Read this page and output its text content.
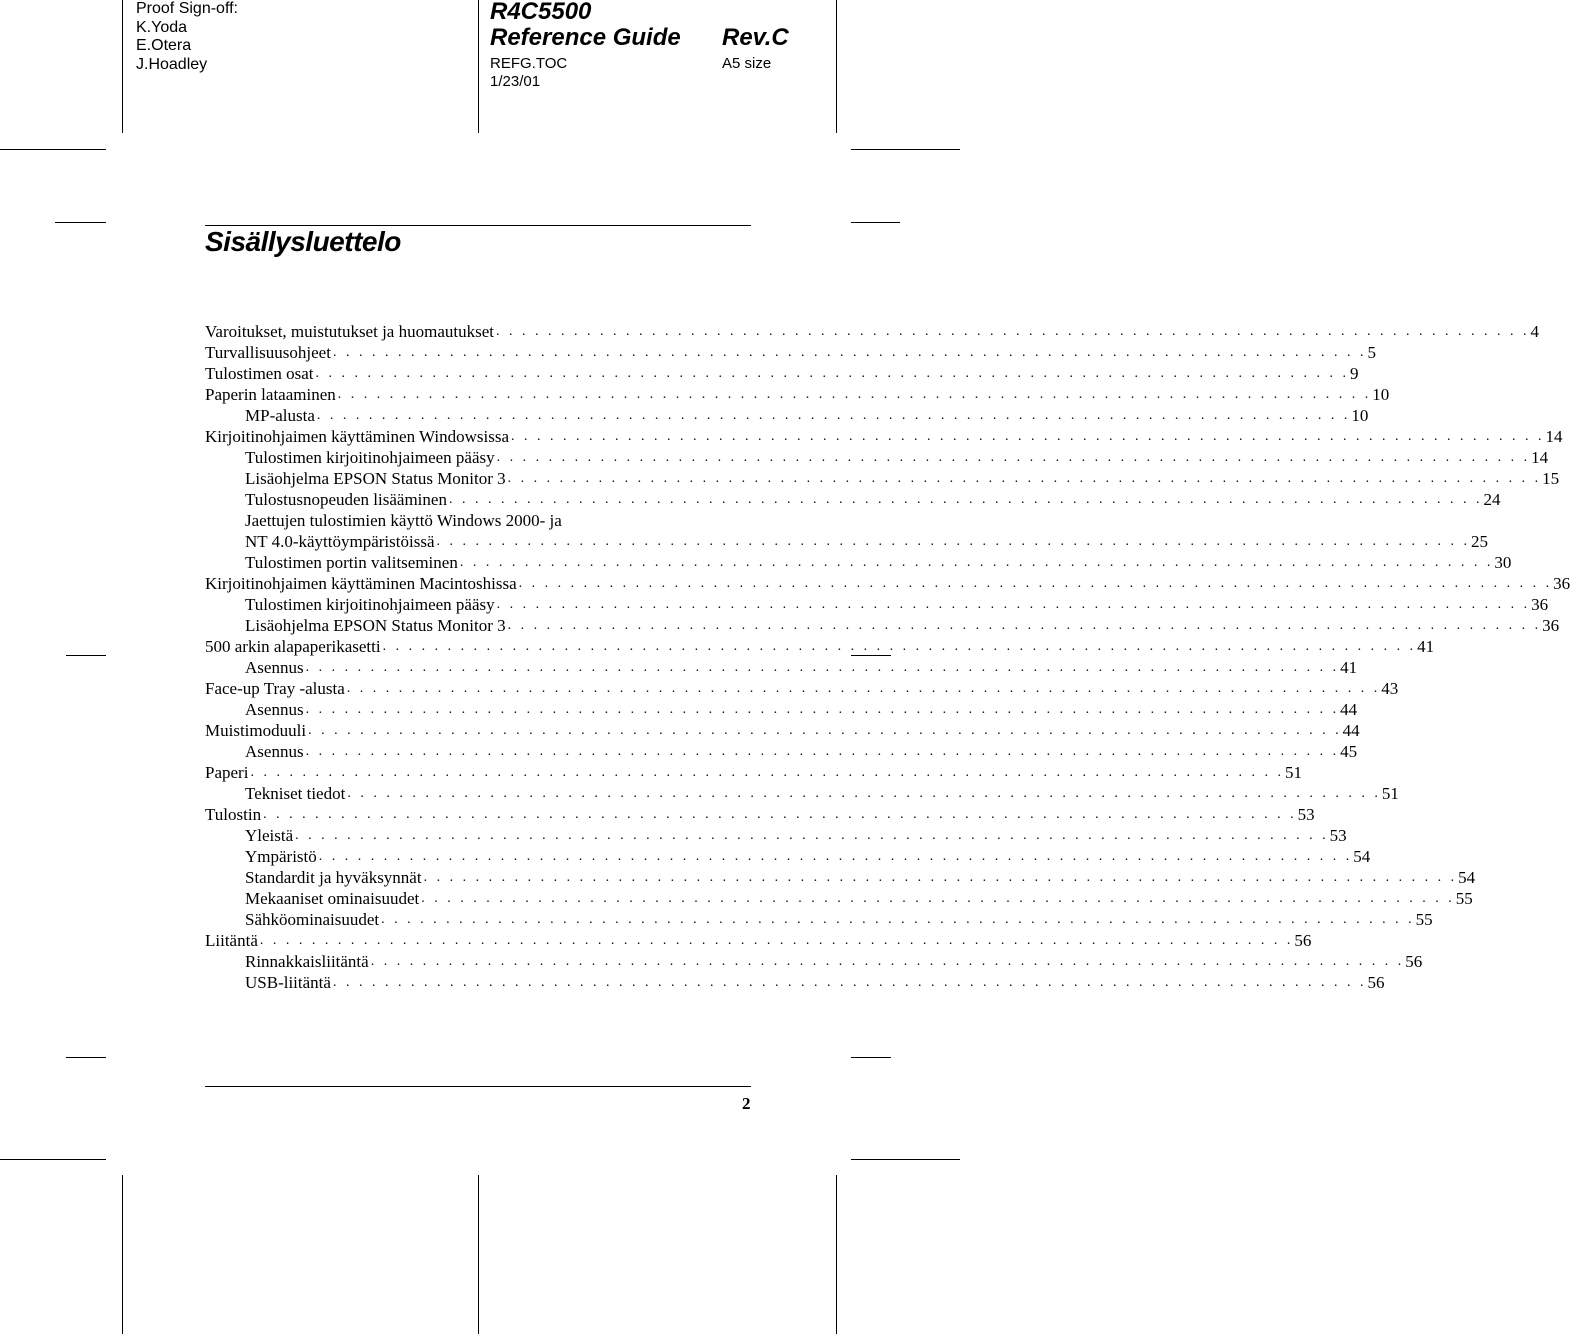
Proof Sign-off:
K.Yoda
E.Otera
J.Hoadley
R4C5500
Reference Guide Rev.C
REFG.TOC	A5 size
1/23/01
Sisällysluettelo
Varoitukset, muistutukset ja huomautukset . . . . . . . . . . . . . . . . . . . . . . . . . . . . . . . . . . . . . . . . . . . . . . . . . . . . . . . . . . . . . . . . . . . . . . . . . . . . . . . . 4
Turvallisuusohjeet . . . . . . . . . . . . . . . . . . . . . . . . . . . . . . . . . . . . . . . . . . . . . . . . . . . . . . . . . . . . . . . . . . . . . . . . . . . . . . . . 5
Tulostimen osat . . . . . . . . . . . . . . . . . . . . . . . . . . . . . . . . . . . . . . . . . . . . . . . . . . . . . . . . . . . . . . . . . . . . . . . . . . . . . . . . 9
Paperin lataaminen . . . . . . . . . . . . . . . . . . . . . . . . . . . . . . . . . . . . . . . . . . . . . . . . . . . . . . . . . . . . . . . . . . . . . . . . . . . . . . . . 10
MP-alusta . . . . . . . . . . . . . . . . . . . . . . . . . . . . . . . . . . . . . . . . . . . . . . . . . . . . . . . . . . . . . . . . . . . . . . . . . . . . . . . . 10
Kirjoitinohjaimen käyttäminen Windowsissa . . . . . . . . . . . . . . . . . . . . . . . . . . . . . . . . . . . . . . . . . . . . . . . . . . . . . . . . . . . . . . . . . . . . . . . . . . . . . . . . 14
Tulostimen kirjoitinohjaimeen pääsy . . . . . . . . . . . . . . . . . . . . . . . . . . . . . . . . . . . . . . . . . . . . . . . . . . . . . . . . . . . . . . . . . . . . . . . . . . . . . . . . 14
Lisäohjelma EPSON Status Monitor 3 . . . . . . . . . . . . . . . . . . . . . . . . . . . . . . . . . . . . . . . . . . . . . . . . . . . . . . . . . . . . . . . . . . . . . . . . . . . . . . . . 15
Tulostusnopeuden lisääminen . . . . . . . . . . . . . . . . . . . . . . . . . . . . . . . . . . . . . . . . . . . . . . . . . . . . . . . . . . . . . . . . . . . . . . . . . . . . . . . . 24
Jaettujen tulostimien käyttö Windows 2000- ja
NT 4.0-käyttöympäristöissä . . . . . . . . . . . . . . . . . . . . . . . . . . . . . . . . . . . . . . . . . . . . . . . . . . . . . . . . . . . . . . . . . . . . . . . . . . . . . . . . 25
Tulostimen portin valitseminen . . . . . . . . . . . . . . . . . . . . . . . . . . . . . . . . . . . . . . . . . . . . . . . . . . . . . . . . . . . . . . . . . . . . . . . . . . . . . . . . 30
Kirjoitinohjaimen käyttäminen Macintoshissa . . . . . . . . . . . . . . . . . . . . . . . . . . . . . . . . . . . . . . . . . . . . . . . . . . . . . . . . . . . . . . . . . . . . . . . . . . . . . . . . 36
Tulostimen kirjoitinohjaimeen pääsy . . . . . . . . . . . . . . . . . . . . . . . . . . . . . . . . . . . . . . . . . . . . . . . . . . . . . . . . . . . . . . . . . . . . . . . . . . . . . . . . 36
Lisäohjelma EPSON Status Monitor 3 . . . . . . . . . . . . . . . . . . . . . . . . . . . . . . . . . . . . . . . . . . . . . . . . . . . . . . . . . . . . . . . . . . . . . . . . . . . . . . . . 36
500 arkin alapaperikasetti . . . . . . . . . . . . . . . . . . . . . . . . . . . . . . . . . . . . . . . . . . . . . . . . . . . . . . . . . . . . . . . . . . . . . . . . . . . . . . . . 41
Asennus . . . . . . . . . . . . . . . . . . . . . . . . . . . . . . . . . . . . . . . . . . . . . . . . . . . . . . . . . . . . . . . . . . . . . . . . . . . . . . . . 41
Face-up Tray -alusta . . . . . . . . . . . . . . . . . . . . . . . . . . . . . . . . . . . . . . . . . . . . . . . . . . . . . . . . . . . . . . . . . . . . . . . . . . . . . . . . 43
Asennus . . . . . . . . . . . . . . . . . . . . . . . . . . . . . . . . . . . . . . . . . . . . . . . . . . . . . . . . . . . . . . . . . . . . . . . . . . . . . . . . 44
Muistimoduuli . . . . . . . . . . . . . . . . . . . . . . . . . . . . . . . . . . . . . . . . . . . . . . . . . . . . . . . . . . . . . . . . . . . . . . . . . . . . . . . . 44
Asennus . . . . . . . . . . . . . . . . . . . . . . . . . . . . . . . . . . . . . . . . . . . . . . . . . . . . . . . . . . . . . . . . . . . . . . . . . . . . . . . . 45
Paperi . . . . . . . . . . . . . . . . . . . . . . . . . . . . . . . . . . . . . . . . . . . . . . . . . . . . . . . . . . . . . . . . . . . . . . . . . . . . . . . . 51
Tekniset tiedot . . . . . . . . . . . . . . . . . . . . . . . . . . . . . . . . . . . . . . . . . . . . . . . . . . . . . . . . . . . . . . . . . . . . . . . . . . . . . . . . 51
Tulostin . . . . . . . . . . . . . . . . . . . . . . . . . . . . . . . . . . . . . . . . . . . . . . . . . . . . . . . . . . . . . . . . . . . . . . . . . . . . . . . . 53
Yleistä . . . . . . . . . . . . . . . . . . . . . . . . . . . . . . . . . . . . . . . . . . . . . . . . . . . . . . . . . . . . . . . . . . . . . . . . . . . . . . . . 53
Ympäristö . . . . . . . . . . . . . . . . . . . . . . . . . . . . . . . . . . . . . . . . . . . . . . . . . . . . . . . . . . . . . . . . . . . . . . . . . . . . . . . . 54
Standardit ja hyväksynnät . . . . . . . . . . . . . . . . . . . . . . . . . . . . . . . . . . . . . . . . . . . . . . . . . . . . . . . . . . . . . . . . . . . . . . . . . . . . . . . . 54
Mekaaniset ominaisuudet . . . . . . . . . . . . . . . . . . . . . . . . . . . . . . . . . . . . . . . . . . . . . . . . . . . . . . . . . . . . . . . . . . . . . . . . . . . . . . . . 55
Sähköominaisuudet . . . . . . . . . . . . . . . . . . . . . . . . . . . . . . . . . . . . . . . . . . . . . . . . . . . . . . . . . . . . . . . . . . . . . . . . . . . . . . . . 55
Liitäntä . . . . . . . . . . . . . . . . . . . . . . . . . . . . . . . . . . . . . . . . . . . . . . . . . . . . . . . . . . . . . . . . . . . . . . . . . . . . . . . . 56
Rinnakkaisliitäntä . . . . . . . . . . . . . . . . . . . . . . . . . . . . . . . . . . . . . . . . . . . . . . . . . . . . . . . . . . . . . . . . . . . . . . . . . . . . . . . . 56
USB-liitäntä . . . . . . . . . . . . . . . . . . . . . . . . . . . . . . . . . . . . . . . . . . . . . . . . . . . . . . . . . . . . . . . . . . . . . . . . . . . . . . . . 56
2
